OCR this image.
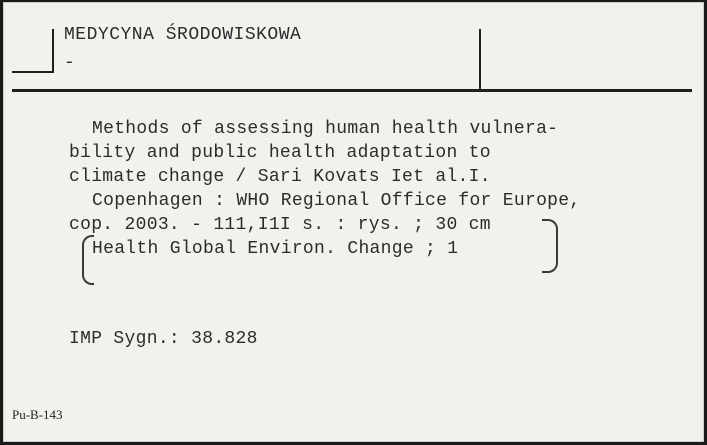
MEDYCYNA ŚRODOWISKOWA
-
Methods of assessing human health vulnera-
bility and public health adaptation to
climate change / Sari Kovats Iet al.I.
Copenhagen : WHO Regional Office for Europe,
cop. 2003. - 111,I1I s. : rys. ; 30 cm
Health Global Environ. Change ; 1
IMP Sygn.: 38.828
Pu-B-143
